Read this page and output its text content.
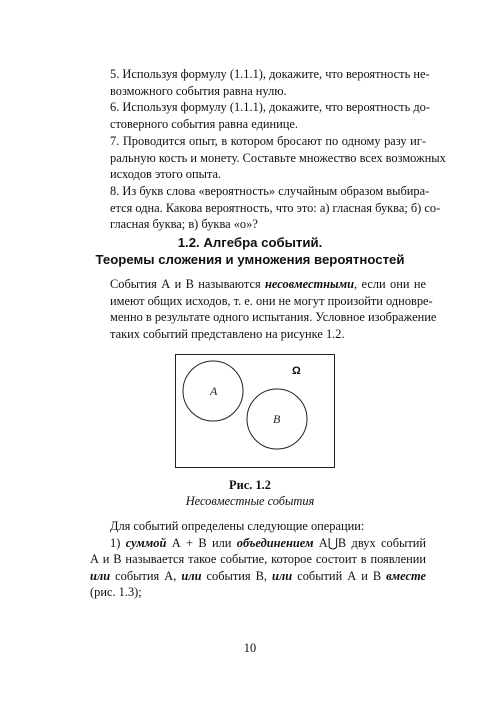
5. Используя формулу (1.1.1), докажите, что вероятность не-
возможного события равна нулю.

6. Используя формулу (1.1.1), докажите, что вероятность до-
стоверного события равна единице.

7. Проводится опыт, в котором бросают по одному разу иг-
ральную кость и монету. Составьте множество всех возможных
исходов этого опыта.

8. Из букв слова «вероятность» случайным образом выбира-
ется одна. Какова вероятность, что это: а) гласная буква; б) со-
гласная буква; в) буква «о»?

1.2. Алгебра событий.
Теоремы сложения и умножения вероятностей

События А и В называются несовместными, если они не
имеют общих исходов, т. е. они не могут произойти одновре-
менно в результате одного испытания. Условное изображение
таких событий представлено на рисунке 1.2.

A
B
Ω
Рис. 1.2
Несовместные события

Для событий определены следующие операции:
1) суммой А + В или объединением А⋃В двух событий

А и В называется такое событие, которое состоит в появлении
или события А, или события В, или событий А и В вместе
(рис. 1.3);

10
